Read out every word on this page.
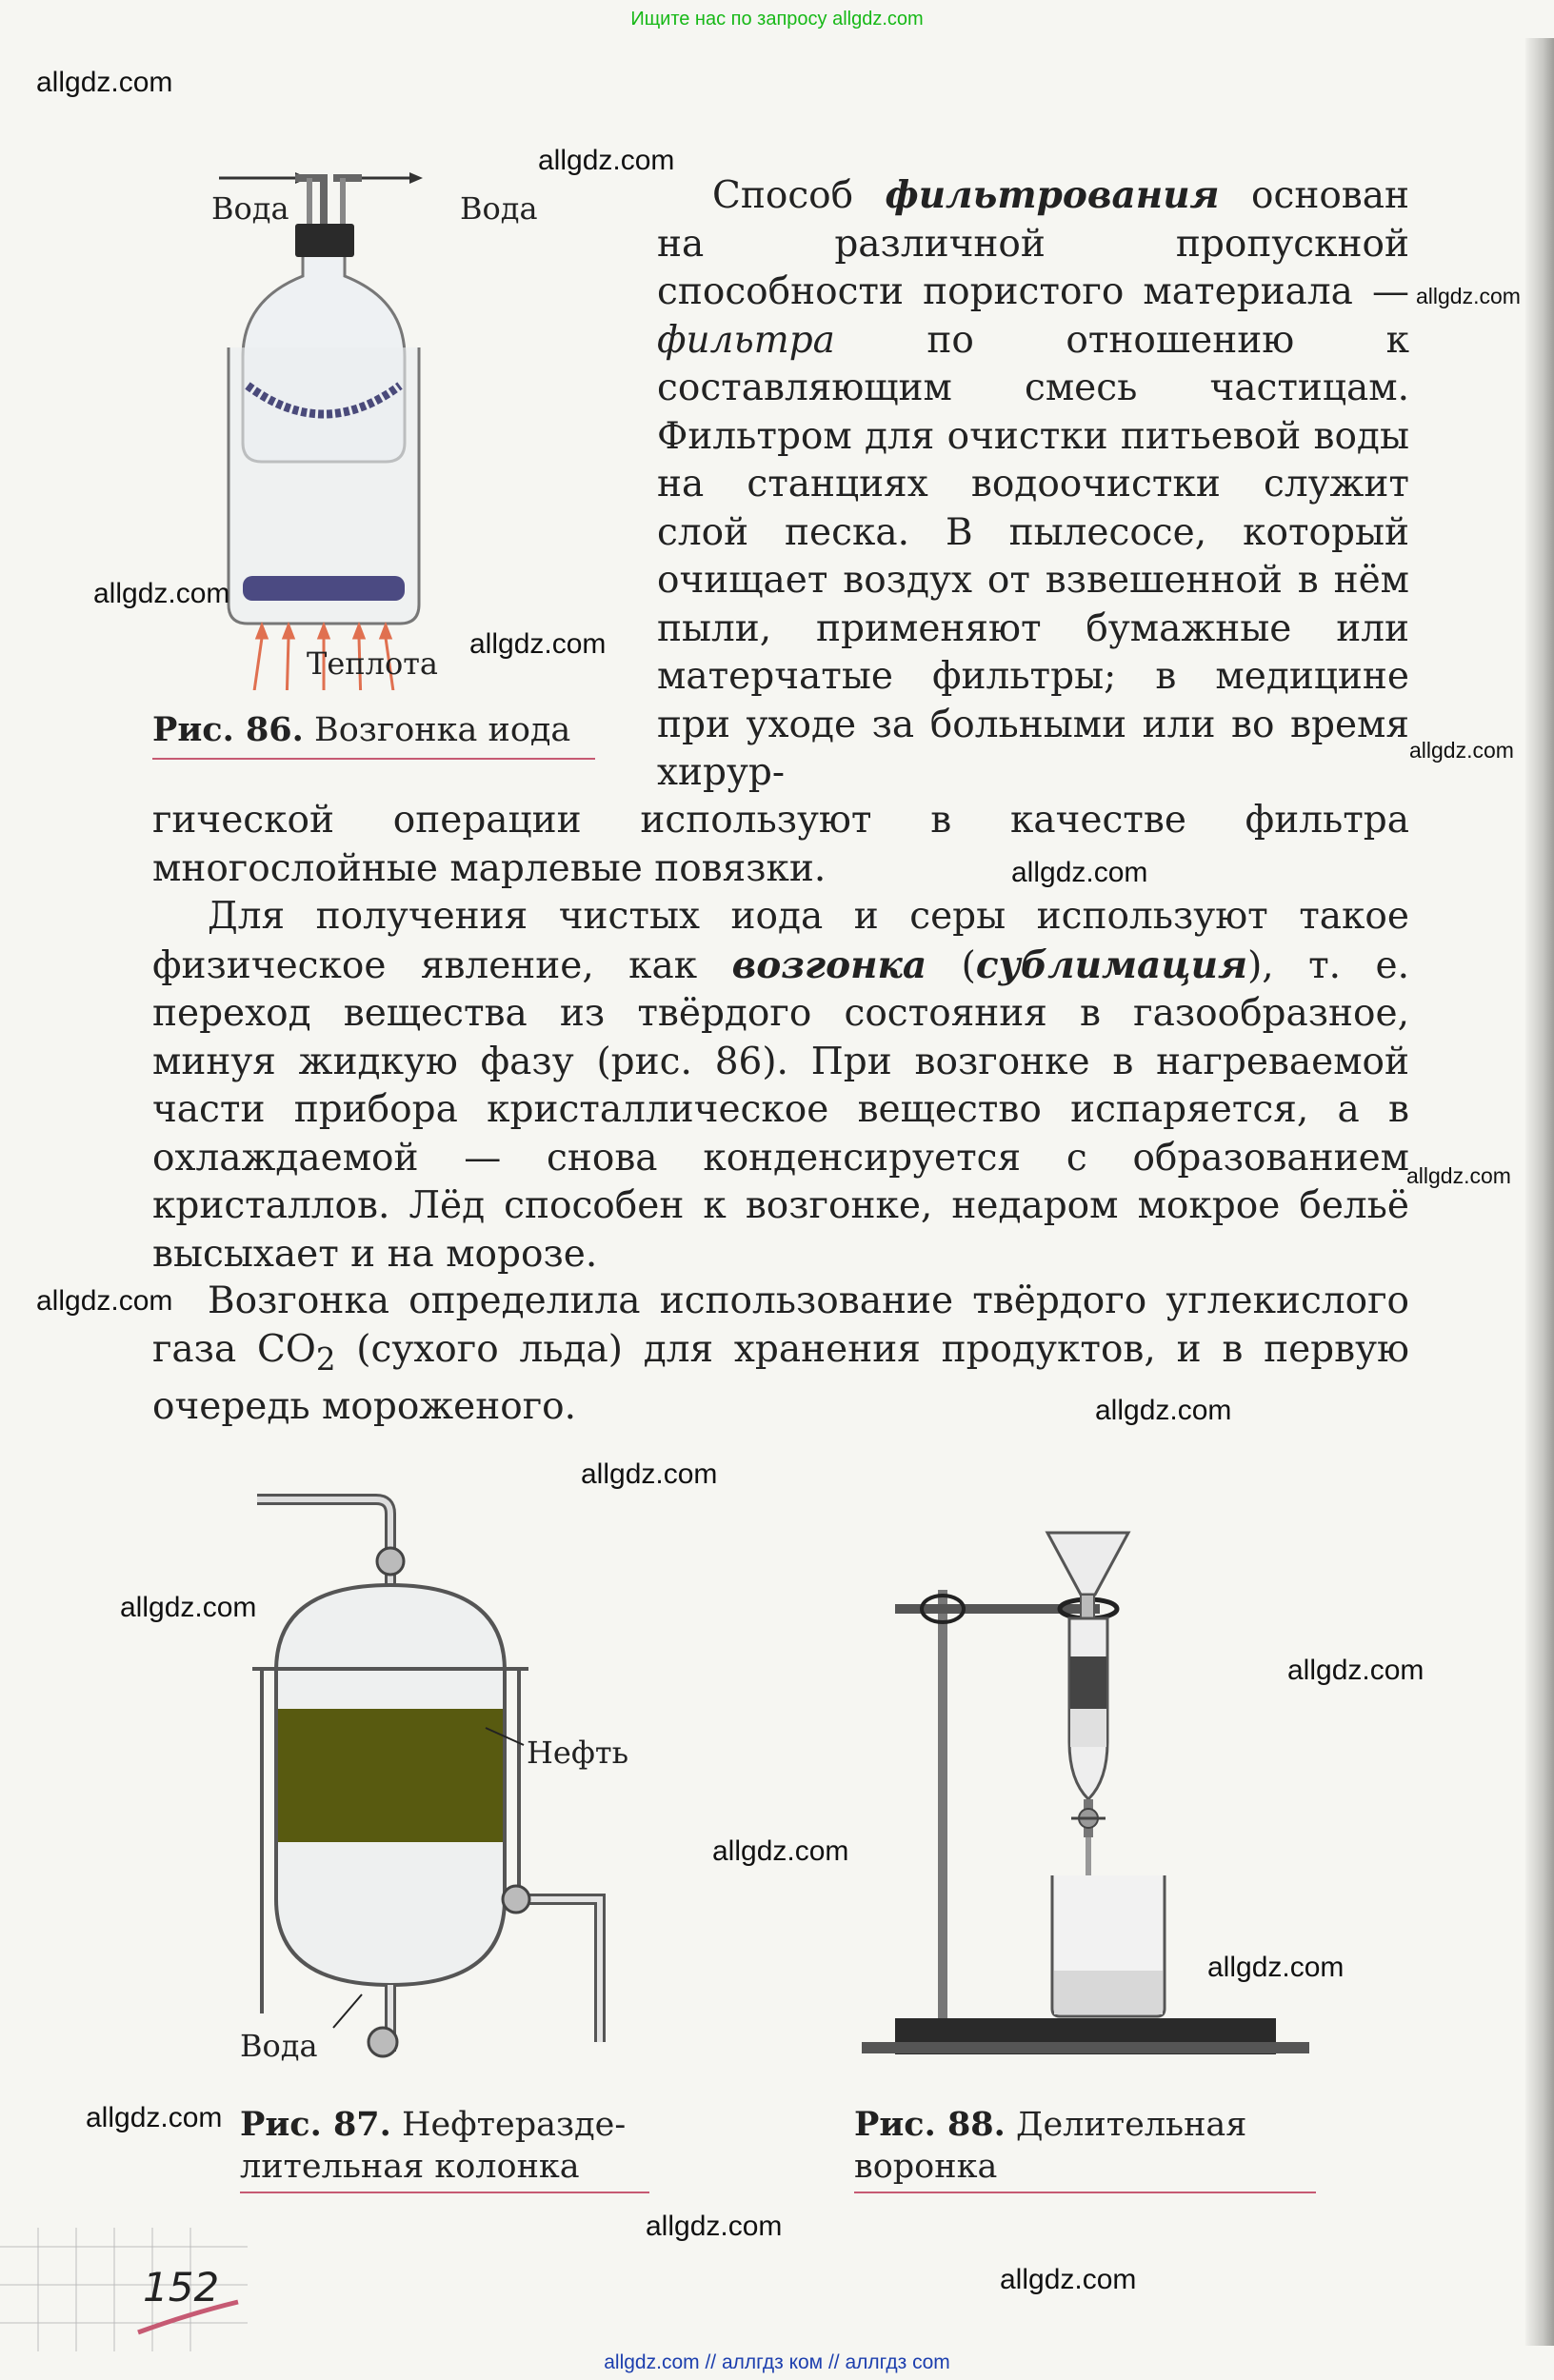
Ищите нас по запросу allgdz.com
Вода	Вода
Теплота
Рис. 86. Возгонка иода
Способ фильтрования основан на различной пропускной способности пористого материала — фильтра по отношению к составляющим смесь частицам. Фильтром для очистки питьевой воды на станциях водоочистки служит слой песка. В пылесосе, который очищает воздух от взвешенной в нём пыли, применяют бумажные или матерчатые фильтры; в медицине при уходе за больными или во время хирур-
гической операции используют в качестве фильтра
многослойные марлевые повязки.
Для получения чистых иода и серы используют такое физическое явление, как возгонка (сублимация), т. е. переход вещества из твёрдого состояния в газообразное, минуя жидкую фазу (рис. 86). При возгонке в нагреваемой части прибора кристаллическое вещество испаряется, а в охлаждаемой — снова конденсируется с образованием кристаллов. Лёд способен к возгонке, недаром мокрое бельё высыхает и на морозе.
Возгонка определила использование твёрдого углекислого газа $CO_2$ (сухого льда) для хранения продуктов, и в первую очередь мороженого.
Нефть
Вода
Рис. 87. Нефтеразде-
лительная колонка
Рис. 88. Делительная
воронка
152
allgdz.com
allgdz.com
allgdz.com
allgdz.com
allgdz.com
allgdz.com
allgdz.com
allgdz.com
allgdz.com
allgdz.com
allgdz.com
allgdz.com
allgdz.com
allgdz.com
allgdz.com
allgdz.com
allgdz.com
allgdz.com
allgdz.com // аллгдз ком // аллгдз com
